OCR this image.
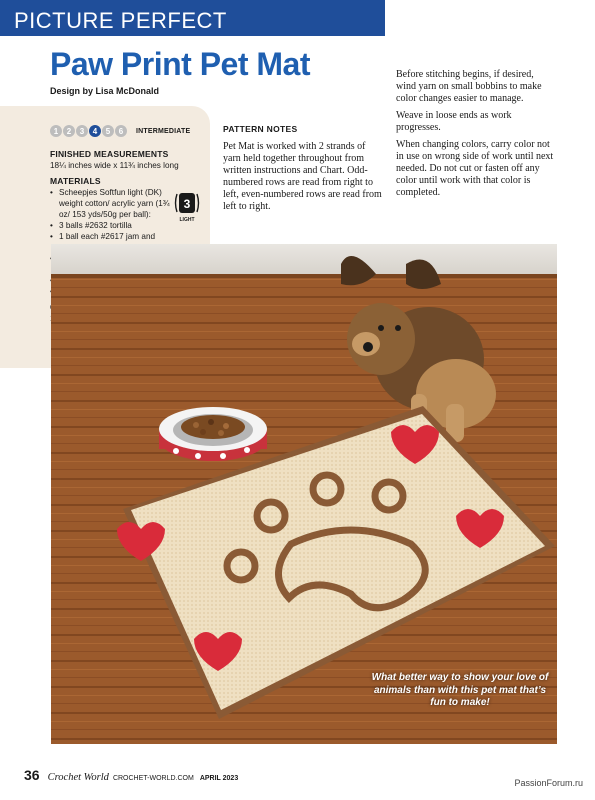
PICTURE PERFECT
Paw Print Pet Mat
Design by Lisa McDonald
1	2	3	4	5	6	INTERMEDIATE
FINISHED MEASUREMENTS

18¼ inches wide x 11¾ inches long

MATERIALS
• Scheepjes Softfun light (DK) weight cotton/ acrylic yarn (1¾ oz/ 153 yds/50g per ball):
• 3 balls #2632 tortilla
• 1 ball each #2617 jam and
•
•
•

3
LIGHT
PATTERN NOTES

Pet Mat is worked with 2 strands of yarn held together throughout from written instructions and Chart. Odd-numbered rows are read from right to left, even-numbered rows are read from left to right.

Before stitching begins, if desired, wind yarn on small bobbins to make color changes easier to manage.

Weave in loose ends as work progresses.

When changing colors, carry color not in use on wrong side of work until next needed. Do not cut or fasten off any color until work with that color is completed.

What better way to show your love of animals than with this pet mat that’s fun to make!
36 Crochet World CROCHET-WORLD.COM APRIL 2023	PassionForum.ru
